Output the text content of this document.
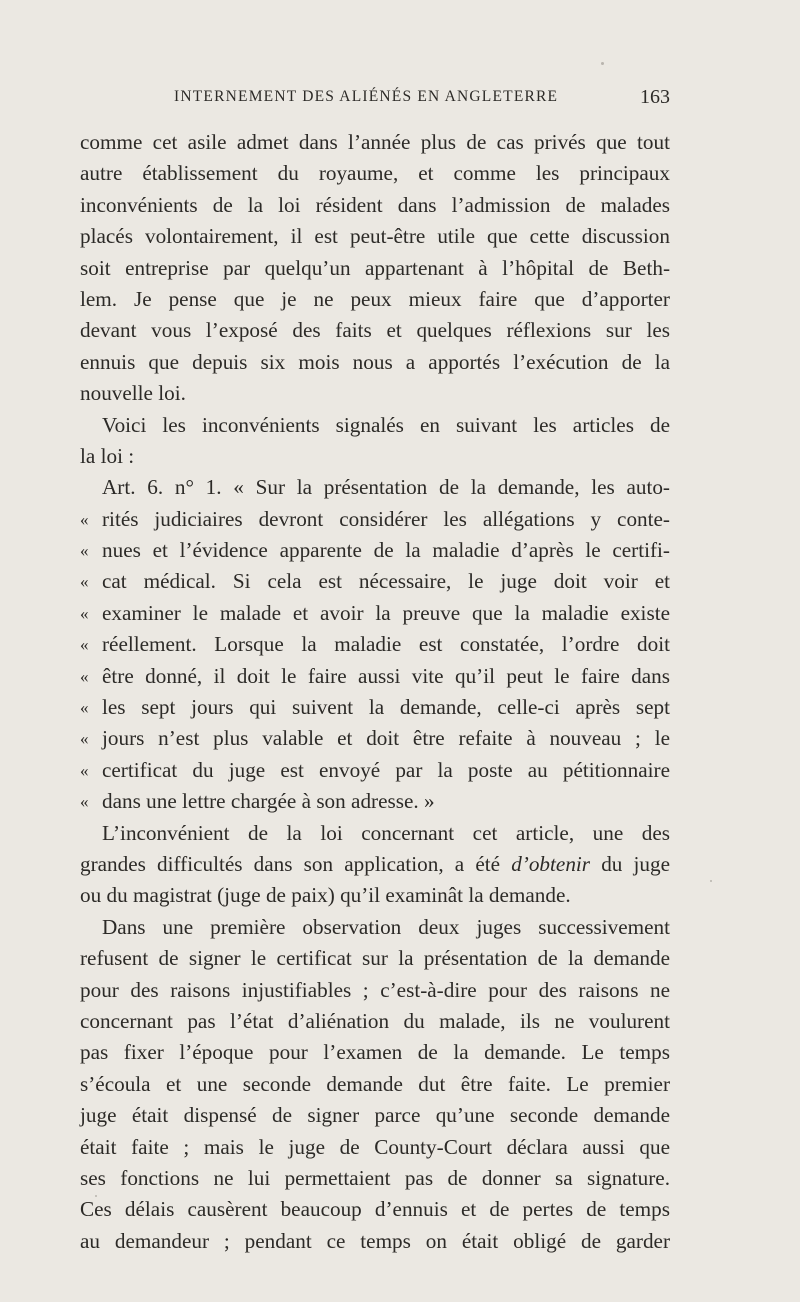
INTERNEMENT DES ALIÉNÉS EN ANGLETERRE	163
comme cet asile admet dans l’année plus de cas privés que tout
autre établissement du royaume, et comme les principaux
inconvénients de la loi résident dans l’admission de malades
placés volontairement, il est peut-être utile que cette discussion
soit entreprise par quelqu’un appartenant à l’hôpital de Beth-
lem. Je pense que je ne peux mieux faire que d’apporter
devant vous l’exposé des faits et quelques réflexions sur les
ennuis que depuis six mois nous a apportés l’exécution de la
nouvelle loi.
Voici les inconvénients signalés en suivant les articles de
la loi :
Art. 6. n° 1. « Sur la présentation de la demande, les auto-
« rités judiciaires devront considérer les allégations y conte-
« nues et l’évidence apparente de la maladie d’après le certifi-
« cat médical. Si cela est nécessaire, le juge doit voir et
« examiner le malade et avoir la preuve que la maladie existe
« réellement. Lorsque la maladie est constatée, l’ordre doit
« être donné, il doit le faire aussi vite qu’il peut le faire dans
« les sept jours qui suivent la demande, celle-ci après sept
« jours n’est plus valable et doit être refaite à nouveau ; le
« certificat du juge est envoyé par la poste au pétitionnaire
« dans une lettre chargée à son adresse. »
L’inconvénient de la loi concernant cet article, une des
grandes difficultés dans son application, a été d’obtenir du juge
ou du magistrat (juge de paix) qu’il examinât la demande.
Dans une première observation deux juges successivement
refusent de signer le certificat sur la présentation de la demande
pour des raisons injustifiables ; c’est-à-dire pour des raisons ne
concernant pas l’état d’aliénation du malade, ils ne voulurent
pas fixer l’époque pour l’examen de la demande. Le temps
s’écoula et une seconde demande dut être faite. Le premier
juge était dispensé de signer parce qu’une seconde demande
était faite ; mais le juge de County-Court déclara aussi que
ses fonctions ne lui permettaient pas de donner sa signature.
Ces délais causèrent beaucoup d’ennuis et de pertes de temps
au demandeur ; pendant ce temps on était obligé de garder
